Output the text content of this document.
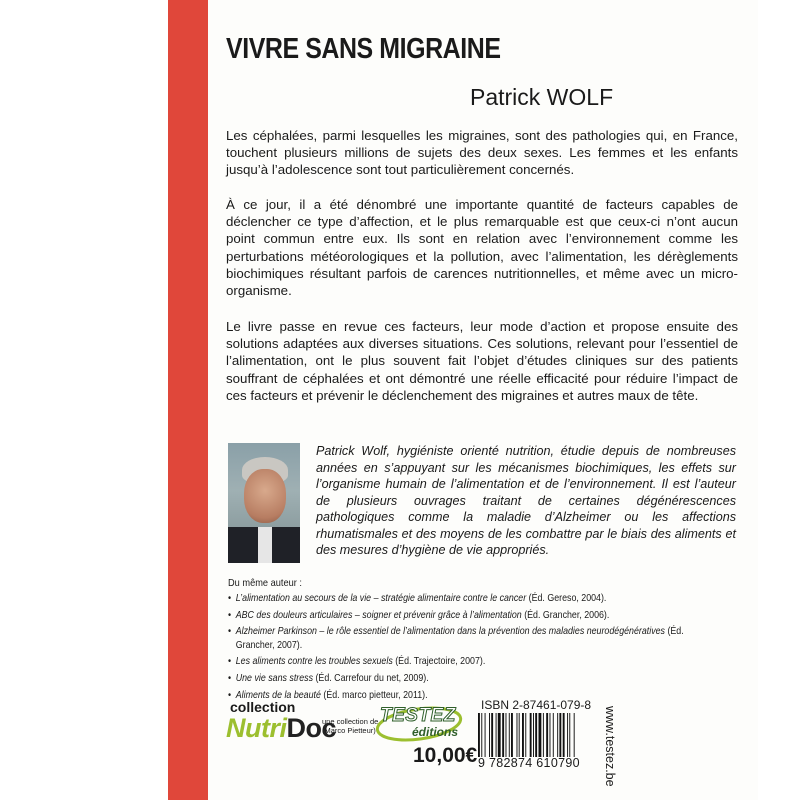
VIVRE SANS MIGRAINE
Patrick WOLF

Les céphalées, parmi lesquelles les migraines, sont des pathologies qui, en France, touchent plusieurs millions de sujets des deux sexes. Les femmes et les enfants jusqu’à l’adolescence sont tout particulièrement concernés.

À ce jour, il a été dénombré une importante quantité de facteurs capables de déclencher ce type d’affection, et le plus remarquable est que ceux-ci n’ont aucun point commun entre eux. Ils sont en relation avec l’environnement comme les perturbations météorologiques et la pollution, avec l’alimentation, les dérèglements biochimiques résultant parfois de carences nutritionnelles, et même avec un micro-organisme.

Le livre passe en revue ces facteurs, leur mode d’action et propose ensuite des solutions adaptées aux diverses situations. Ces solutions, relevant pour l’essentiel de l’alimentation, ont le plus souvent fait l’objet d’études cliniques sur des patients souffrant de céphalées et ont démontré une réelle efficacité pour réduire l’impact de ces facteurs et prévenir le déclenchement des migraines et autres maux de tête.

Patrick Wolf, hygiéniste orienté nutrition, étudie depuis de nombreuses années en s’appuyant sur les mécanismes biochimiques, les effets sur l’organisme humain de l’alimentation et de l’environnement. Il est l’auteur de plusieurs ouvrages traitant de certaines dégénérescences pathologiques comme la maladie d’Alzheimer ou les affections rhumatismales et des moyens de les combattre par le biais des aliments et des mesures d’hygiène de vie appropriés.

Du même auteur :
• L’alimentation au secours de la vie – stratégie alimentaire contre le cancer (Éd. Gereso, 2004).
• ABC des douleurs articulaires – soigner et prévenir grâce à l’alimentation (Éd. Grancher, 2006).
• Alzheimer Parkinson – le rôle essentiel de l’alimentation dans la prévention des maladies neurodégénératives (Éd. Grancher, 2007).
• Les aliments contre les troubles sexuels (Éd. Trajectoire, 2007).
• Une vie sans stress (Éd. Carrefour du net, 2009).
• Aliments de la beauté (Éd. marco pietteur, 2011).
collection
NutriDoc
une collection de (Marco Pietteur)
TESTEZ
éditions
10,00€
ISBN 2-87461-079-8
9 782874 610790 www.testez.be
